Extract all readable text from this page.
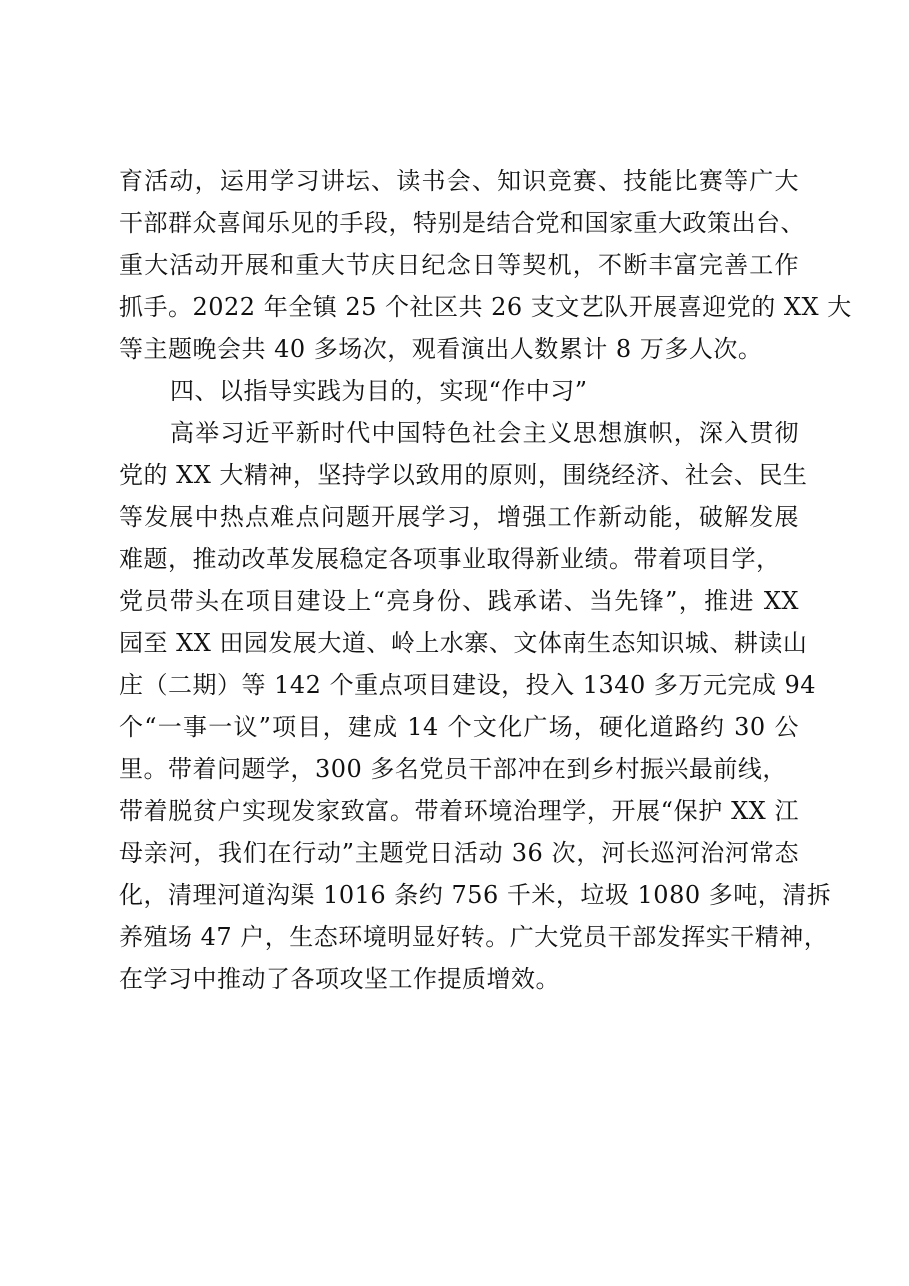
育活动，运用学习讲坛、读书会、知识竞赛、技能比赛等广大
干部群众喜闻乐见的手段，特别是结合党和国家重大政策出台、
重大活动开展和重大节庆日纪念日等契机，不断丰富完善工作
抓手。2022 年全镇 25 个社区共 26 支文艺队开展喜迎党的 XX 大
等主题晚会共 40 多场次，观看演出人数累计 8 万多人次。
四、以指导实践为目的，实现“作中习”
高举习近平新时代中国特色社会主义思想旗帜，深入贯彻
党的 XX 大精神，坚持学以致用的原则，围绕经济、社会、民生
等发展中热点难点问题开展学习，增强工作新动能，破解发展
难题，推动改革发展稳定各项事业取得新业绩。带着项目学，
党员带头在项目建设上“亮身份、践承诺、当先锋”，推进 XX
园至 XX 田园发展大道、岭上水寨、文体南生态知识城、耕读山
庄（二期）等 142 个重点项目建设，投入 1340 多万元完成 94
个“一事一议”项目，建成 14 个文化广场，硬化道路约 30 公
里。带着问题学，300 多名党员干部冲在到乡村振兴最前线，
带着脱贫户实现发家致富。带着环境治理学，开展“保护 XX 江
母亲河，我们在行动”主题党日活动 36 次，河长巡河治河常态
化，清理河道沟渠 1016 条约 756 千米，垃圾 1080 多吨，清拆
养殖场 47 户，生态环境明显好转。广大党员干部发挥实干精神，
在学习中推动了各项攻坚工作提质增效。
